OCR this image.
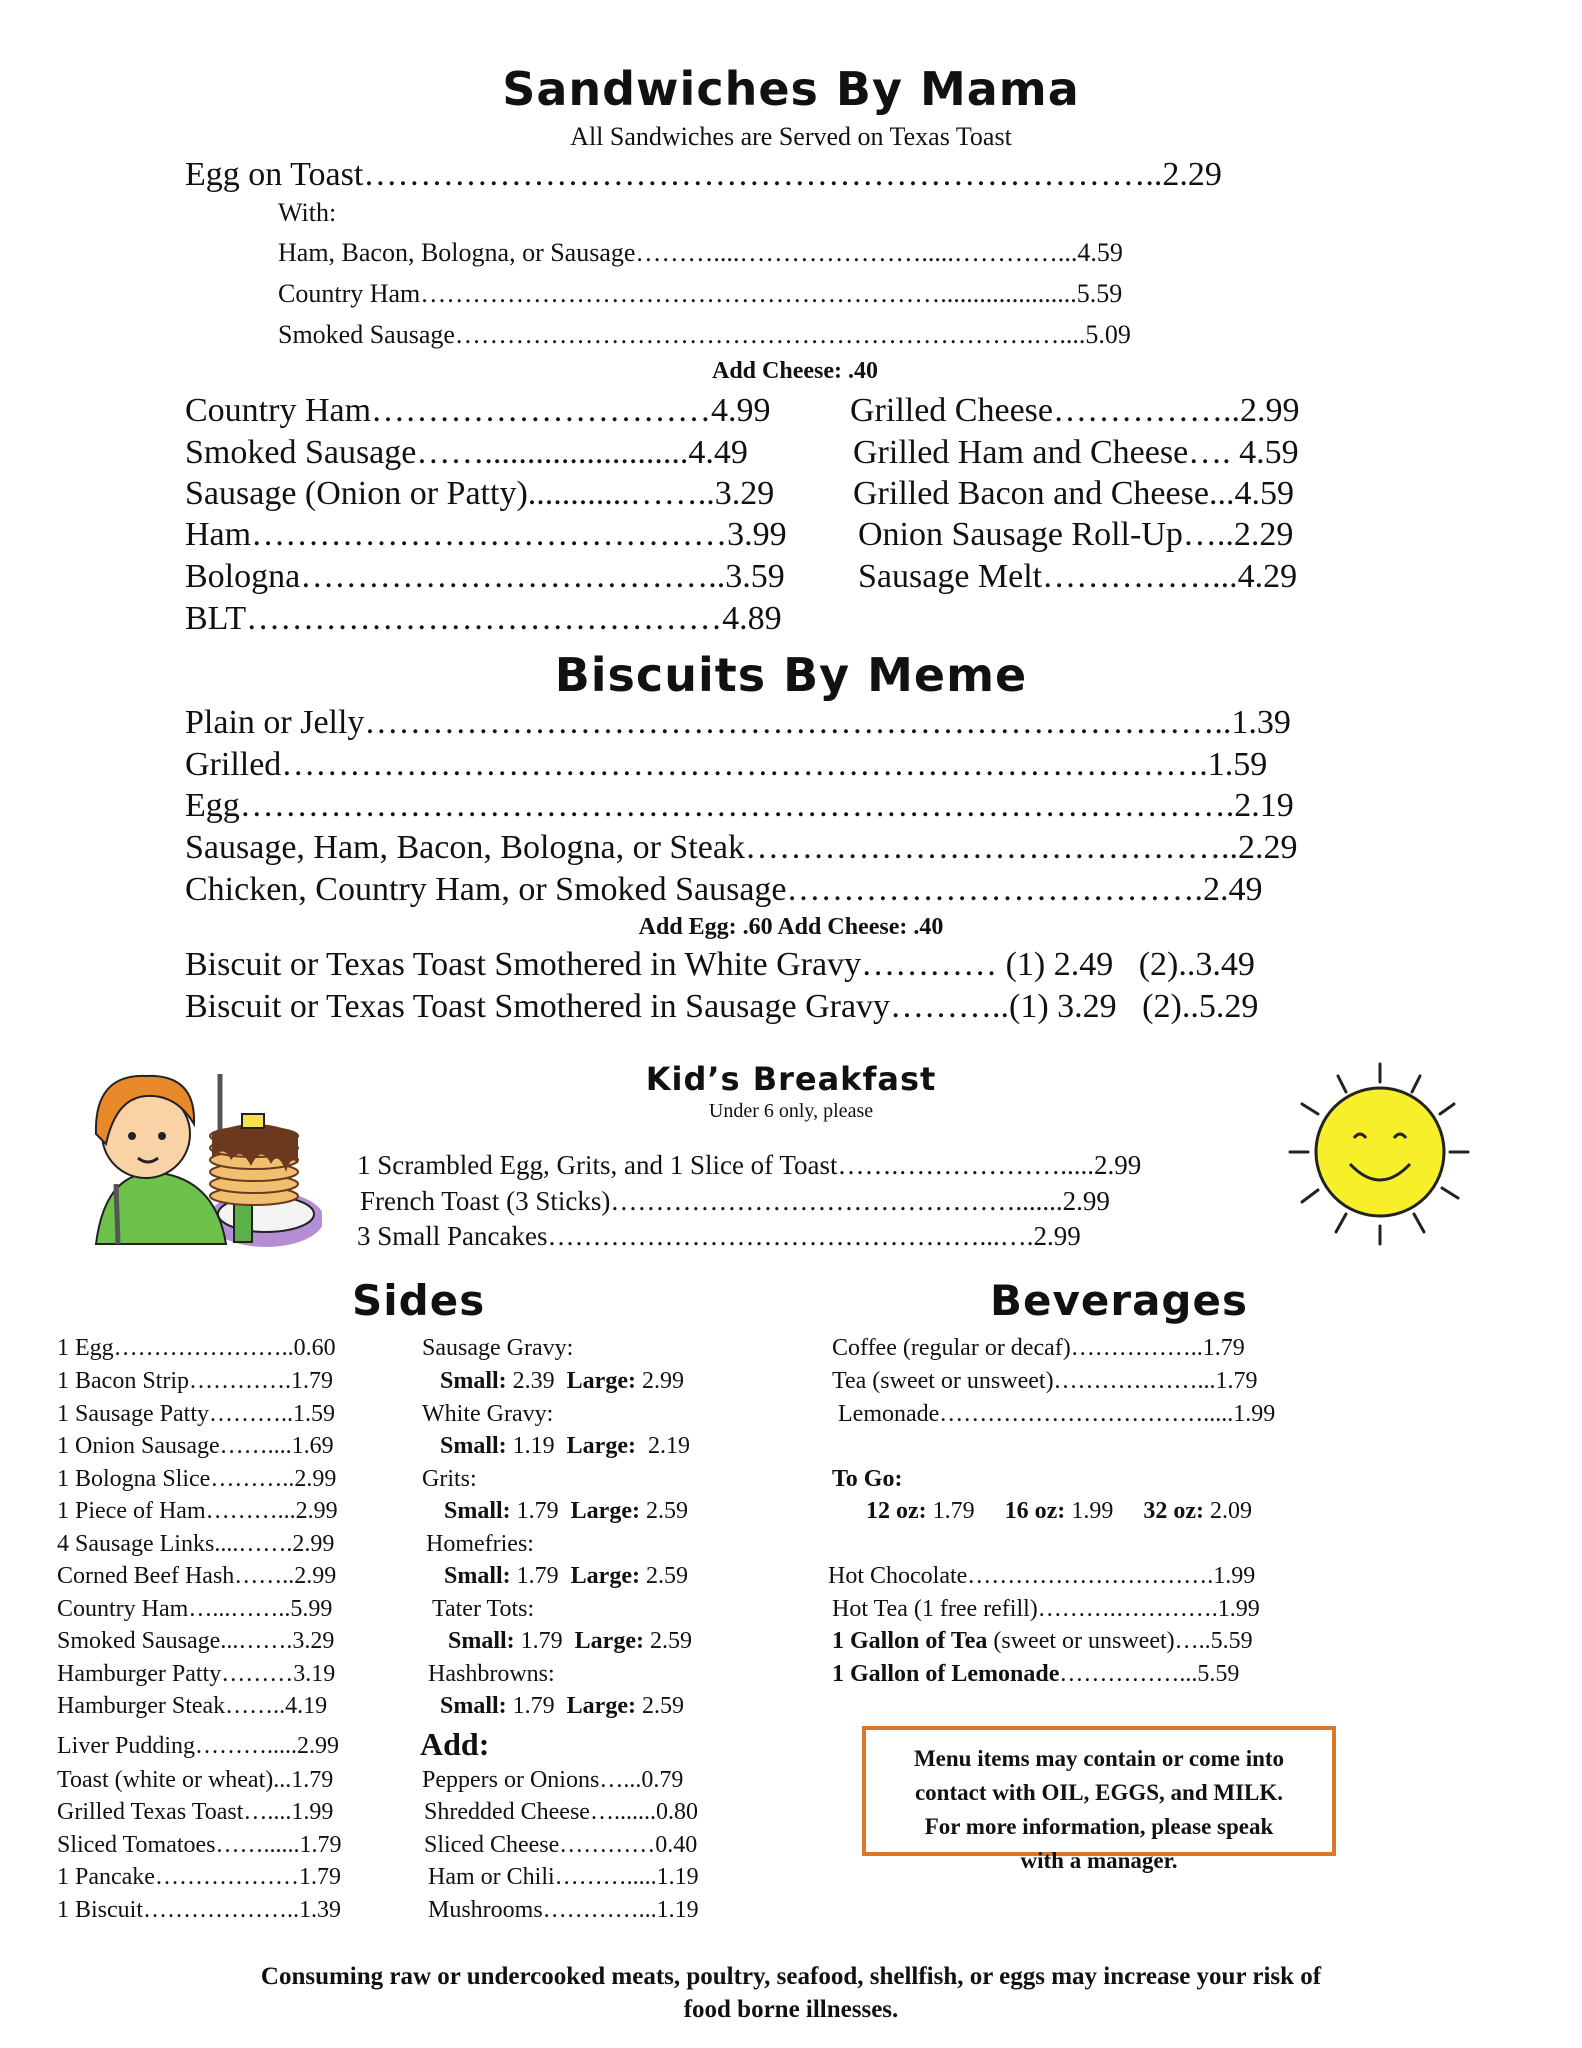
Sandwiches By Mama
All Sandwiches are Served on Texas Toast
Egg on Toast……………………………………………………………..2.29
With:
Ham, Bacon, Bologna, or Sausage………....………………….....…………...4.59
Country Ham…………………………………………………….....................5.59
Smoked Sausage………………………………………………………….…....5.09
Add Cheese: .40
Country Ham…………………………4.99
Smoked Sausage……........................4.49
Sausage (Onion or Patty)............……..3.29
Ham……………………………………3.99
Bologna………………………………..3.59
BLT……………………………………4.89
Grilled Cheese……………..2.99
Grilled Ham and Cheese…. 4.59
Grilled Bacon and Cheese...4.59
Onion Sausage Roll-Up…..2.29
Sausage Melt……………...4.29
Biscuits By Meme
Plain or Jelly…………………………………………………………………..1.39
Grilled……………………………………………………………………….1.59
Egg…………………………………………………………………………….2.19
Sausage, Ham, Bacon, Bologna, or Steak……………………………………..2.29
Chicken, Country Ham, or Smoked Sausage……………………………….2.49
Add Egg: .60 Add Cheese: .40
Biscuit or Texas Toast Smothered in White Gravy………… (1) 2.49   (2)..3.49
Biscuit or Texas Toast Smothered in Sausage Gravy………..(1) 3.29   (2)..5.29
Kid’s Breakfast
Under 6 only, please
1 Scrambled Egg, Grits, and 1 Slice of Toast…….……………….....2.99
French Toast (3 Sticks)……………………………………….......2.99
3 Small Pancakes…………………………………………...….2.99
Sides
1 Egg…………………..0.60
1 Bacon Strip………….1.79
1 Sausage Patty………..1.59
1 Onion Sausage……....1.69
1 Bologna Slice………..2.99
1 Piece of Ham………...2.99
4 Sausage Links....…….2.99
Corned Beef Hash……..2.99
Country Ham…...……..5.99
Smoked Sausage...…….3.29
Hamburger Patty………3.19
Hamburger Steak……..4.19
Liver Pudding……….....2.99
Toast (white or wheat)...1.79
Grilled Texas Toast…....1.99
Sliced Tomatoes……......1.79
1 Pancake………………1.79
1 Biscuit………………..1.39
Sausage Gravy:
Small: 2.39 Large: 2.99
White Gravy:
Small: 1.19 Large:  2.19
Grits:
Small: 1.79 Large: 2.59
Homefries:
Small: 1.79 Large: 2.59
Tater Tots:
Small: 1.79 Large: 2.59
Hashbrowns:
Small: 1.79 Large: 2.59
Add:
Peppers or Onions…...0.79
Shredded Cheese….......0.80
Sliced Cheese…………0.40
Ham or Chili……….....1.19
Mushrooms…………...1.19
Beverages
Coffee (regular or decaf)……………..1.79
Tea (sweet or unsweet)………………...1.79
Lemonade…………………………….....1.99
To Go:
12 oz: 1.79 16 oz: 1.99 32 oz: 2.09
Hot Chocolate………………………….1.99
Hot Tea (1 free refill)……….………….1.99
1 Gallon of Tea (sweet or unsweet)…..5.59
1 Gallon of Lemonade……………...5.59
Menu items may contain or come into
contact with OIL, EGGS, and MILK.
For more information, please speak
with a manager.
Consuming raw or undercooked meats, poultry, seafood, shellfish, or eggs may increase your risk of
food borne illnesses.
